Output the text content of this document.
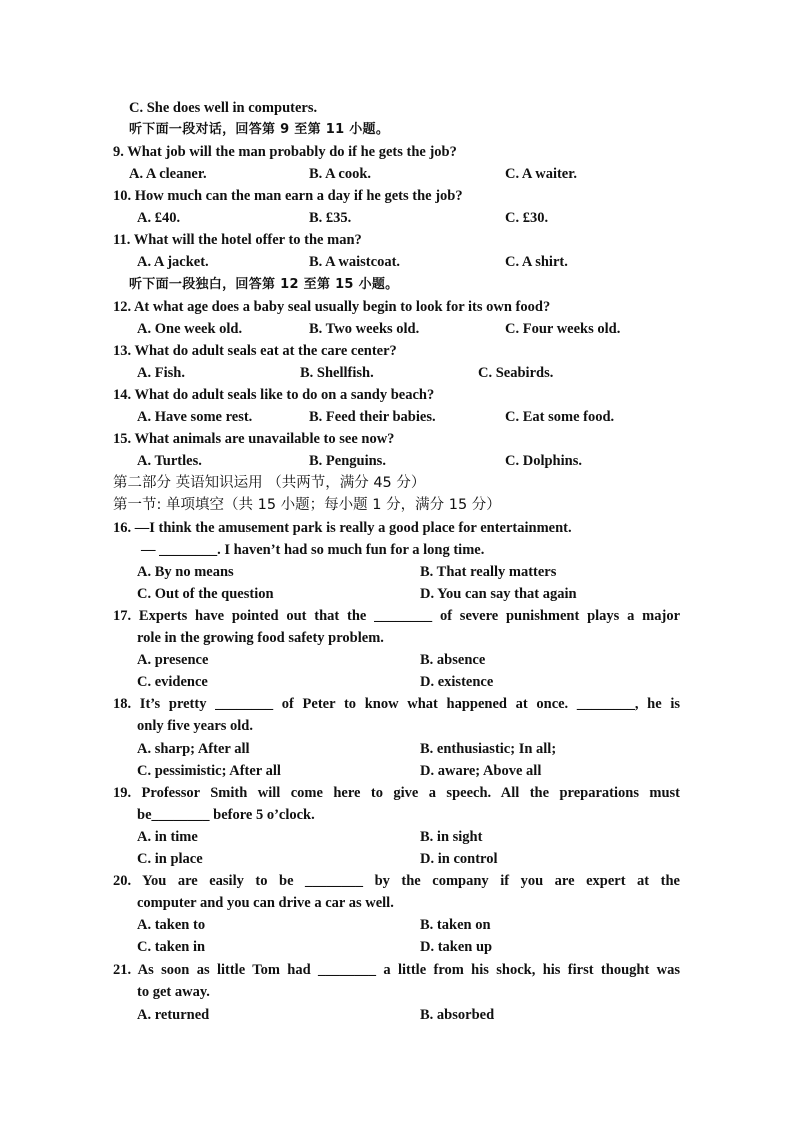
C. She does well in computers.
听下面一段对话，回答第 9 至第 11 小题。
9. What job will the man probably do if he gets the job?
A. A cleaner.	B. A cook.	C. A waiter.
10. How much can the man earn a day if he gets the job?
A. £40.	B. £35.	C. £30.
11. What will the hotel offer to the man?
A. A jacket.	B. A waistcoat.	C. A shirt.
听下面一段独白，回答第 12 至第 15 小题。
12. At what age does a baby seal usually begin to look for its own food?
A. One week old.	B. Two weeks old.	C. Four weeks old.
13. What do adult seals eat at the care center?
A. Fish.	B. Shellfish.	C. Seabirds.
14. What do adult seals like to do on a sandy beach?
A. Have some rest.	B. Feed their babies.	C. Eat some food.
15. What animals are unavailable to see now?
A. Turtles.	B. Penguins.	C. Dolphins.
第二部分 英语知识运用 （共两节，满分 45 分）
第一节: 单项填空（共 15 小题；每小题 1 分，满分 15 分）
16. —I think the amusement park is really a good place for entertainment.
— ________. I haven’t had so much fun for a long time.
A. By no means	B. That really matters
C. Out of the question	D. You can say that again
17. Experts have pointed out that the ________ of severe punishment plays a major
role in the growing food safety problem.
A. presence	B. absence
C. evidence	D. existence
18. It’s pretty ________ of Peter to know what happened at once. ________, he is
only five years old.
A. sharp; After all	B. enthusiastic; In all;
C. pessimistic; After all	D. aware; Above all
19. Professor Smith will come here to give a speech. All the preparations must
be________ before 5 o’clock.
A. in time	B. in sight
C. in place	D. in control
20. You are easily to be ________ by the company if you are expert at the
computer and you can drive a car as well.
A. taken to	B. taken on
C. taken in	D. taken up
21. As soon as little Tom had ________ a little from his shock, his first thought was
to get away.
A. returned	B. absorbed
